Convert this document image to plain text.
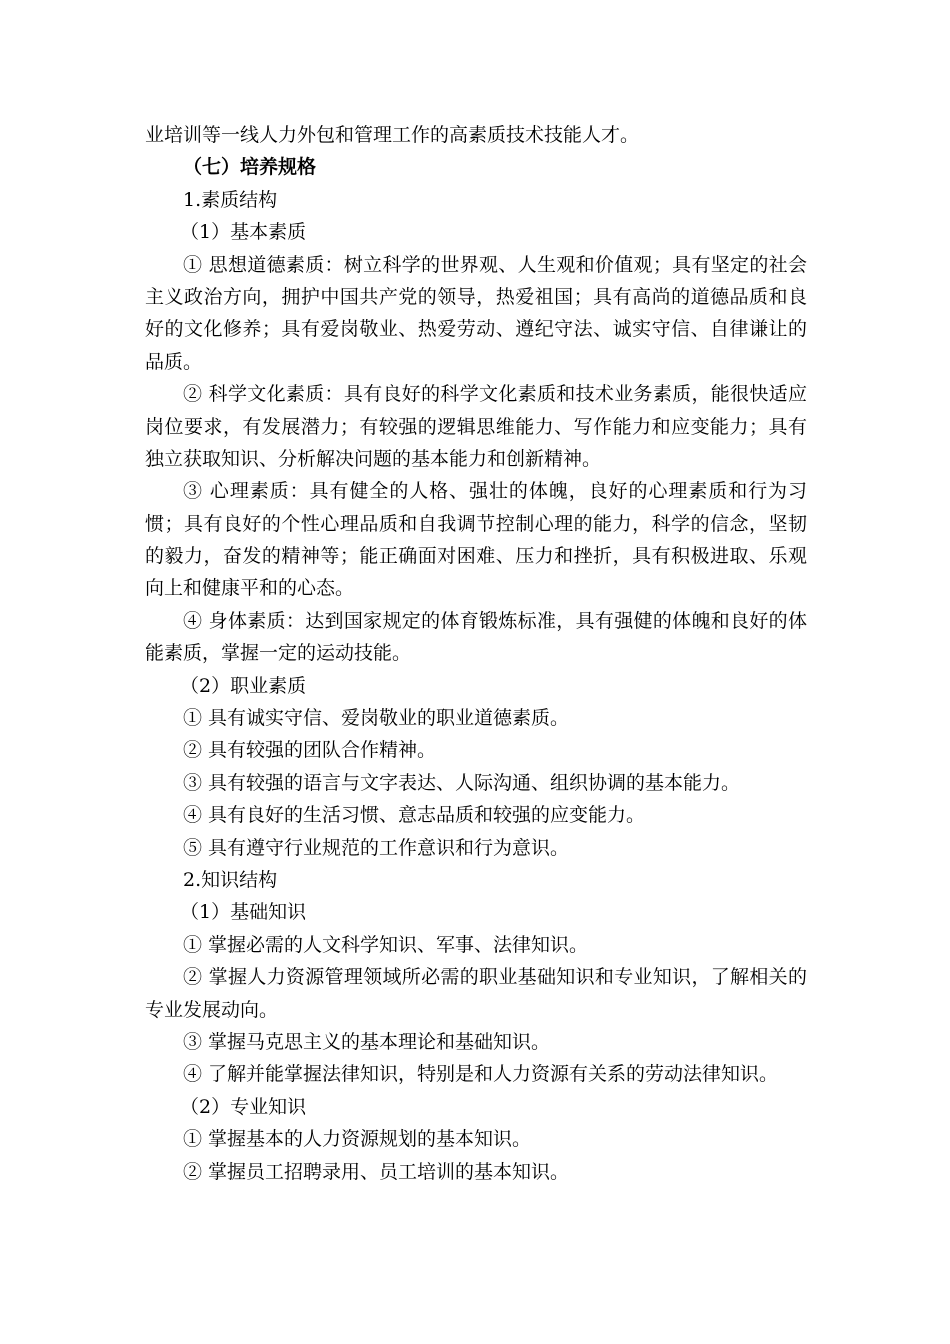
业培训等一线人力外包和管理工作的高素质技术技能人才。
（七）培养规格
1.素质结构
（1）基本素质
① 思想道德素质：树立科学的世界观、人生观和价值观；具有坚定的社会
主义政治方向，拥护中国共产党的领导，热爱祖国；具有高尚的道德品质和良
好的文化修养；具有爱岗敬业、热爱劳动、遵纪守法、诚实守信、自律谦让的
品质。
② 科学文化素质：具有良好的科学文化素质和技术业务素质，能很快适应
岗位要求，有发展潜力；有较强的逻辑思维能力、写作能力和应变能力；具有
独立获取知识、分析解决问题的基本能力和创新精神。
③ 心理素质：具有健全的人格、强壮的体魄，良好的心理素质和行为习
惯；具有良好的个性心理品质和自我调节控制心理的能力，科学的信念，坚韧
的毅力，奋发的精神等；能正确面对困难、压力和挫折，具有积极进取、乐观
向上和健康平和的心态。
④ 身体素质：达到国家规定的体育锻炼标准，具有强健的体魄和良好的体
能素质，掌握一定的运动技能。
（2）职业素质
① 具有诚实守信、爱岗敬业的职业道德素质。
② 具有较强的团队合作精神。
③ 具有较强的语言与文字表达、人际沟通、组织协调的基本能力。
④ 具有良好的生活习惯、意志品质和较强的应变能力。
⑤ 具有遵守行业规范的工作意识和行为意识。
2.知识结构
（1）基础知识
① 掌握必需的人文科学知识、军事、法律知识。
② 掌握人力资源管理领域所必需的职业基础知识和专业知识，了解相关的
专业发展动向。
③ 掌握马克思主义的基本理论和基础知识。
④ 了解并能掌握法律知识，特别是和人力资源有关系的劳动法律知识。
（2）专业知识
① 掌握基本的人力资源规划的基本知识。
② 掌握员工招聘录用、员工培训的基本知识。
